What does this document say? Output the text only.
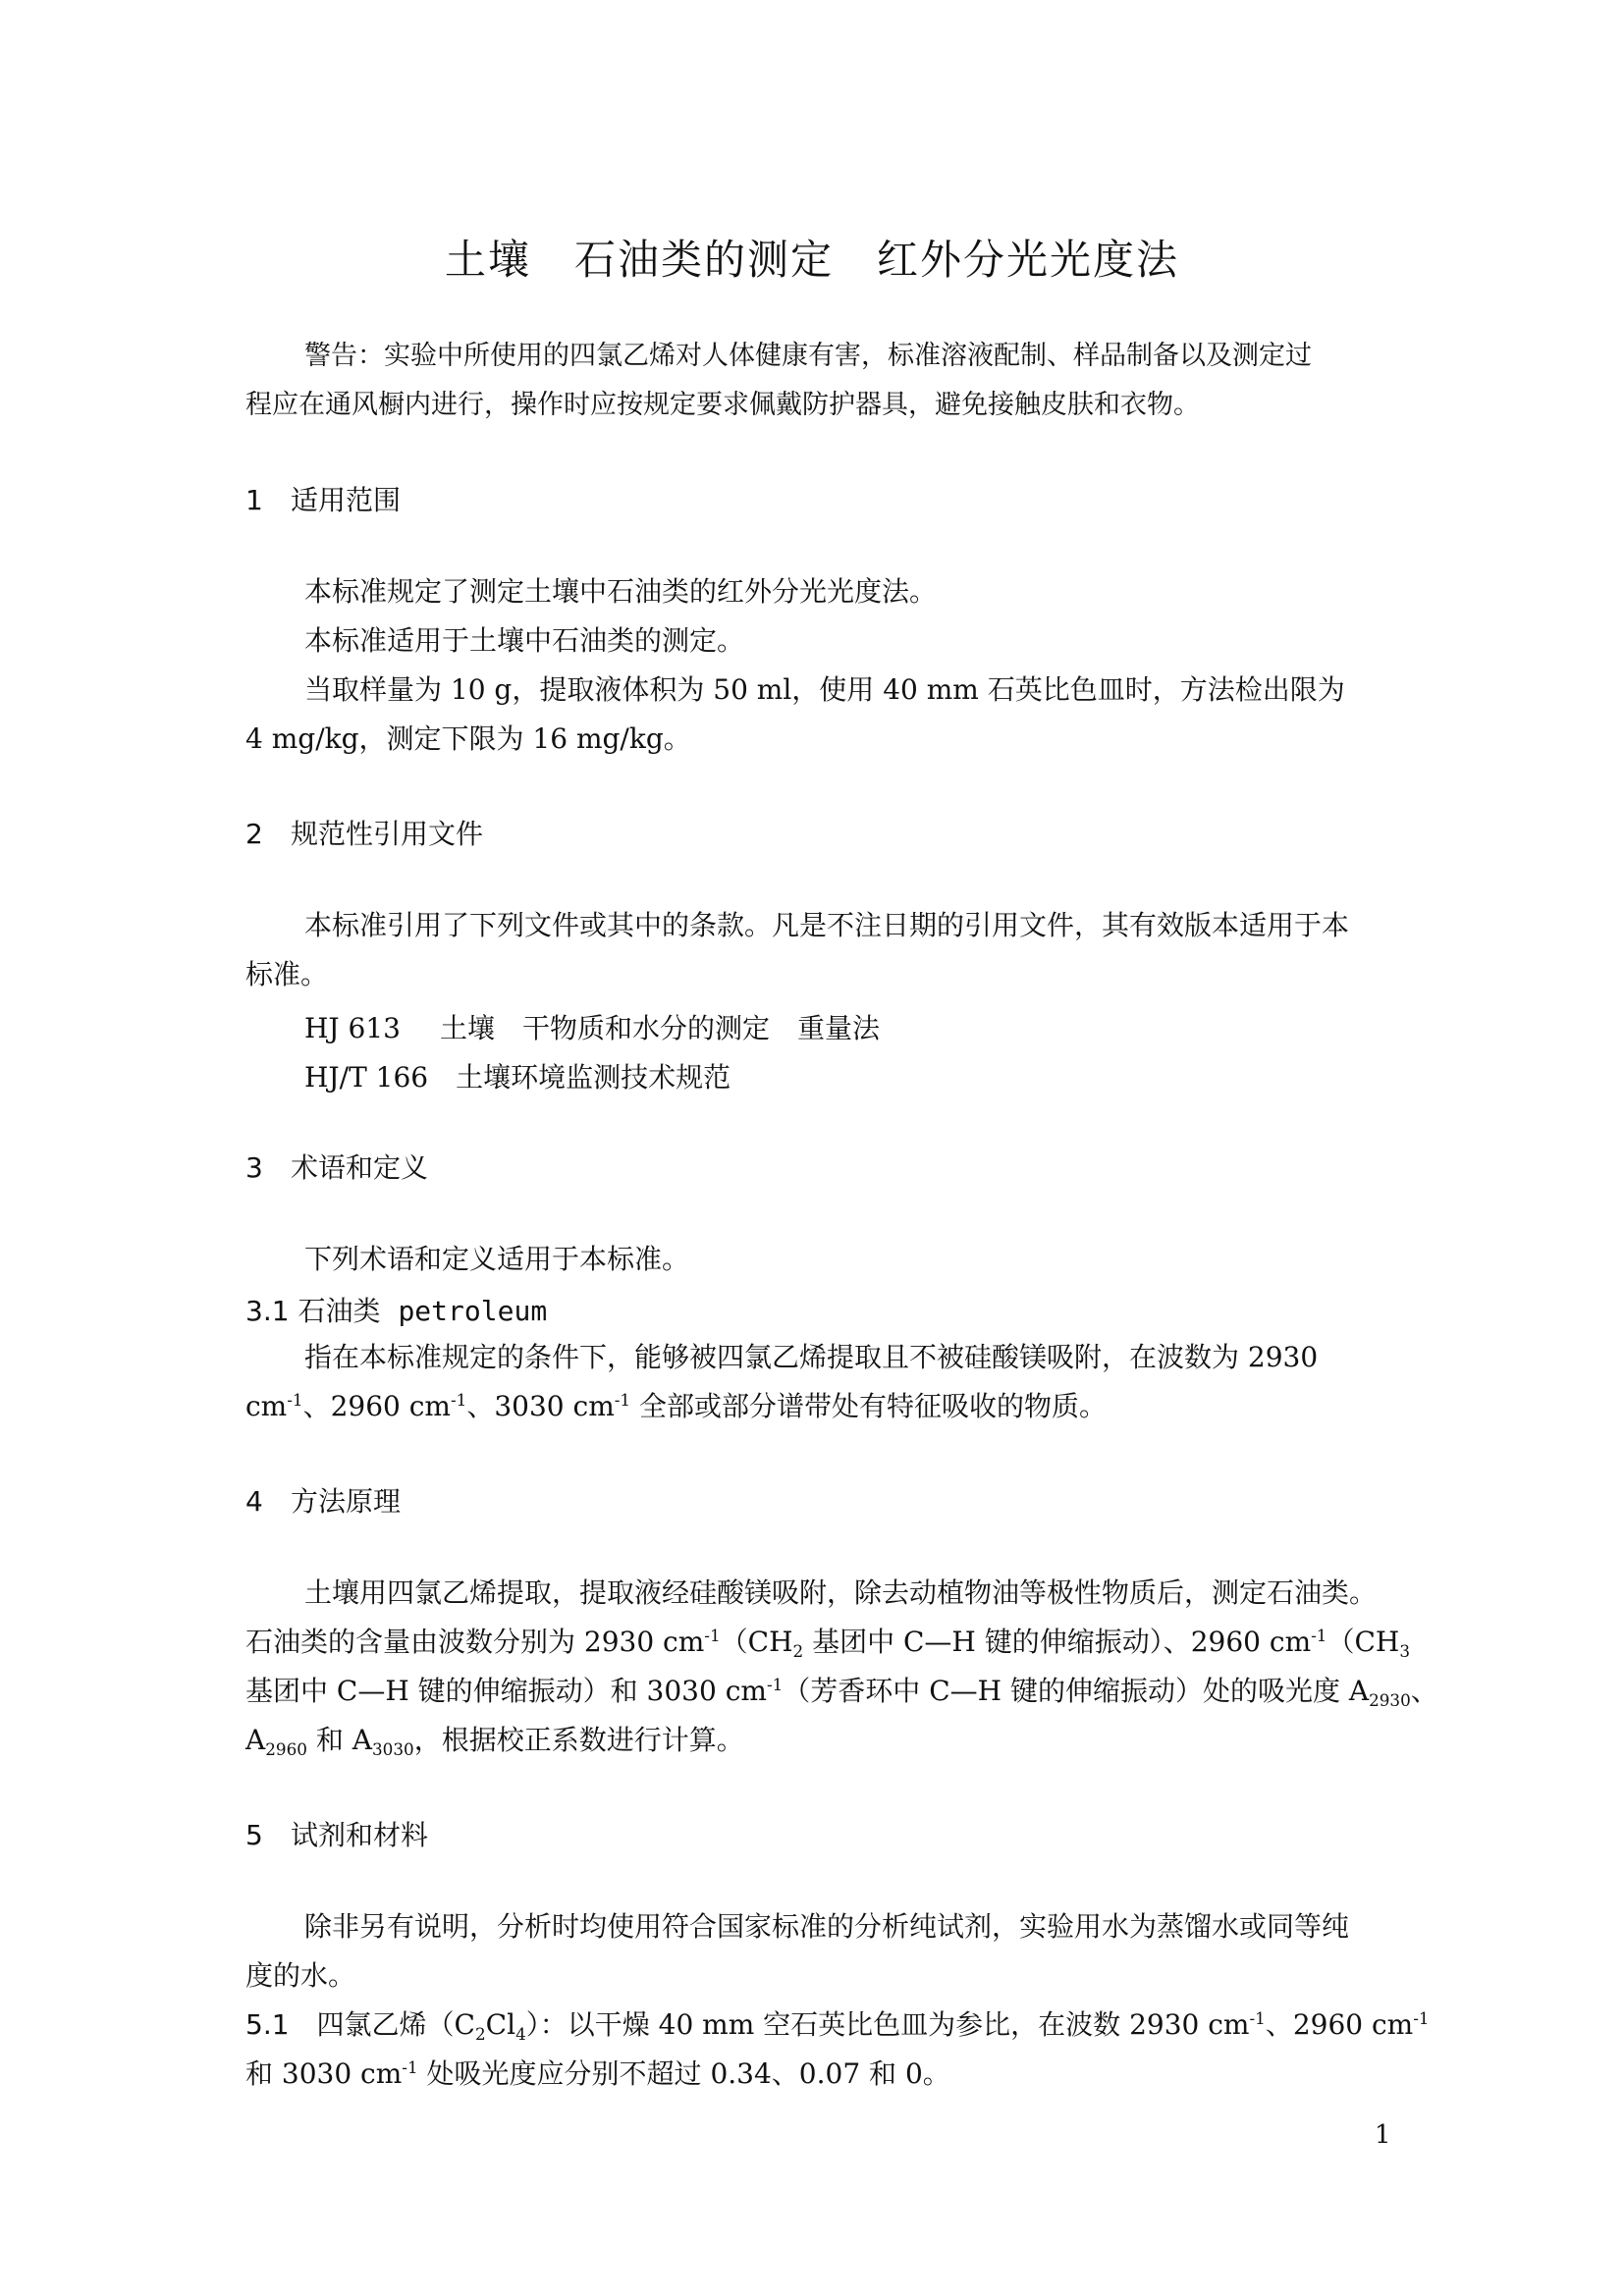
土壤 石油类的测定 红外分光光度法
警告：实验中所使用的四氯乙烯对人体健康有害，标准溶液配制、样品制备以及测定过
程应在通风橱内进行，操作时应按规定要求佩戴防护器具，避免接触皮肤和衣物。
1 适用范围
本标准规定了测定土壤中石油类的红外分光光度法。
本标准适用于土壤中石油类的测定。
当取样量为 10 g，提取液体积为 50 ml，使用 40 mm 石英比色皿时，方法检出限为
4 mg/kg，测定下限为 16 mg/kg。
2 规范性引用文件
本标准引用了下列文件或其中的条款。凡是不注日期的引用文件，其有效版本适用于本
标准。
HJ 613　 土壤　干物质和水分的测定　重量法
HJ/T 166　 土壤环境监测技术规范
3 术语和定义
下列术语和定义适用于本标准。
3.1 石油类 petroleum
指在本标准规定的条件下，能够被四氯乙烯提取且不被硅酸镁吸附，在波数为 2930
$cm^{-1}$、2960 $cm^{-1}$、3030 $cm^{-1}$ 全部或部分谱带处有特征吸收的物质。
4 方法原理
土壤用四氯乙烯提取，提取液经硅酸镁吸附，除去动植物油等极性物质后，测定石油类。
石油类的含量由波数分别为 2930 $cm^{-1}(CH_2$ 基团中 C—H 键的伸缩振动）、2960 $cm^{-1}(CH_3$
基团中 C—H 键的伸缩振动）和 3030 $cm^{-1}$（芳香环中 C—H 键的伸缩振动）处的吸光度 $A_{2930}$、
$A_{2960}$ 和 $A_{3030}$，根据校正系数进行计算。
5 试剂和材料
除非另有说明，分析时均使用符合国家标准的分析纯试剂，实验用水为蒸馏水或同等纯
度的水。
5.1　 四氯乙烯$(C_2Cl_4)$：以干燥 40 mm 空石英比色皿为参比，在波数 2930 $cm^{-1}$、2960 $cm^{-1}$
和 3030 $cm^{-1}$ 处吸光度应分别不超过 0.34、0.07 和 0。
1
